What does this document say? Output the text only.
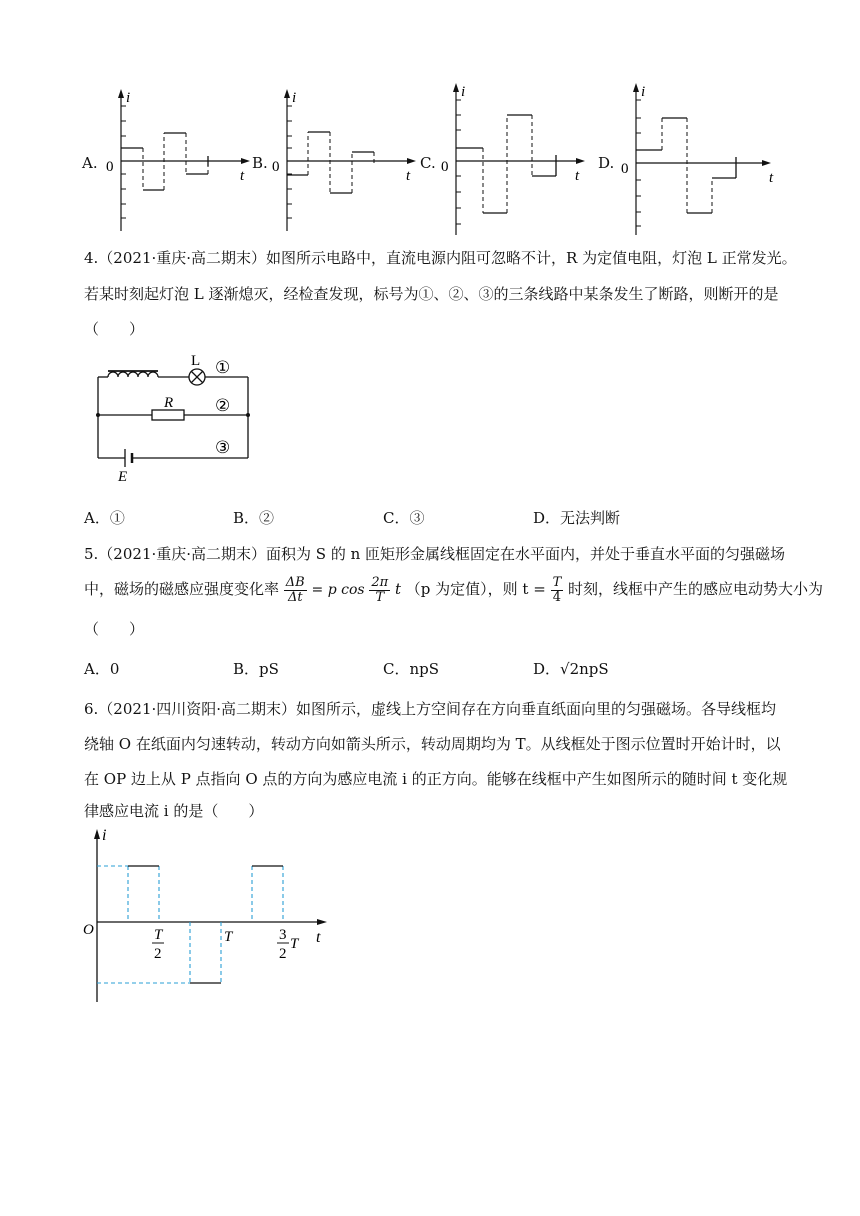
A.
i
0
t
B.
i
0
t
C.
i
0
t
D.
i
0
t
4.（2021·重庆·高二期末）如图所示电路中，直流电源内阻可忽略不计，R 为定值电阻，灯泡 L 正常发光。
若某时刻起灯泡 L 逐渐熄灭，经检查发现，标号为①、②、③的三条线路中某条发生了断路，则断开的是
（　　）
L
R
E
①
②
③
A．①	B．②	C．③	D．无法判断
5.（2021·重庆·高二期末）面积为 S 的 n 匝矩形金属线框固定在水平面内，并处于垂直水平面的匀强磁场
中，磁场的磁感应强度变化率 $\frac{\Delta B}{\Delta t} = p$ $\cos \frac{2\pi}{T}$ t （p 为定值），则 $t = \frac{T}{4}$ 时刻，线框中产生的感应电动势大小为
（　　）
A．0	B．pS	C．npS	D．√2npS
6.（2021·四川资阳·高二期末）如图所示，虚线上方空间存在方向垂直纸面向里的匀强磁场。各导线框均
绕轴 O 在纸面内匀速转动，转动方向如箭头所示，转动周期均为 T。从线框处于图示位置时开始计时，以
在 OP 边上从 P 点指向 O 点的方向为感应电流 i 的正方向。能够在线框中产生如图所示的随时间 t 变化规
律感应电流 i 的是（　　）
i
O	t
T
2
T	3
2
T
